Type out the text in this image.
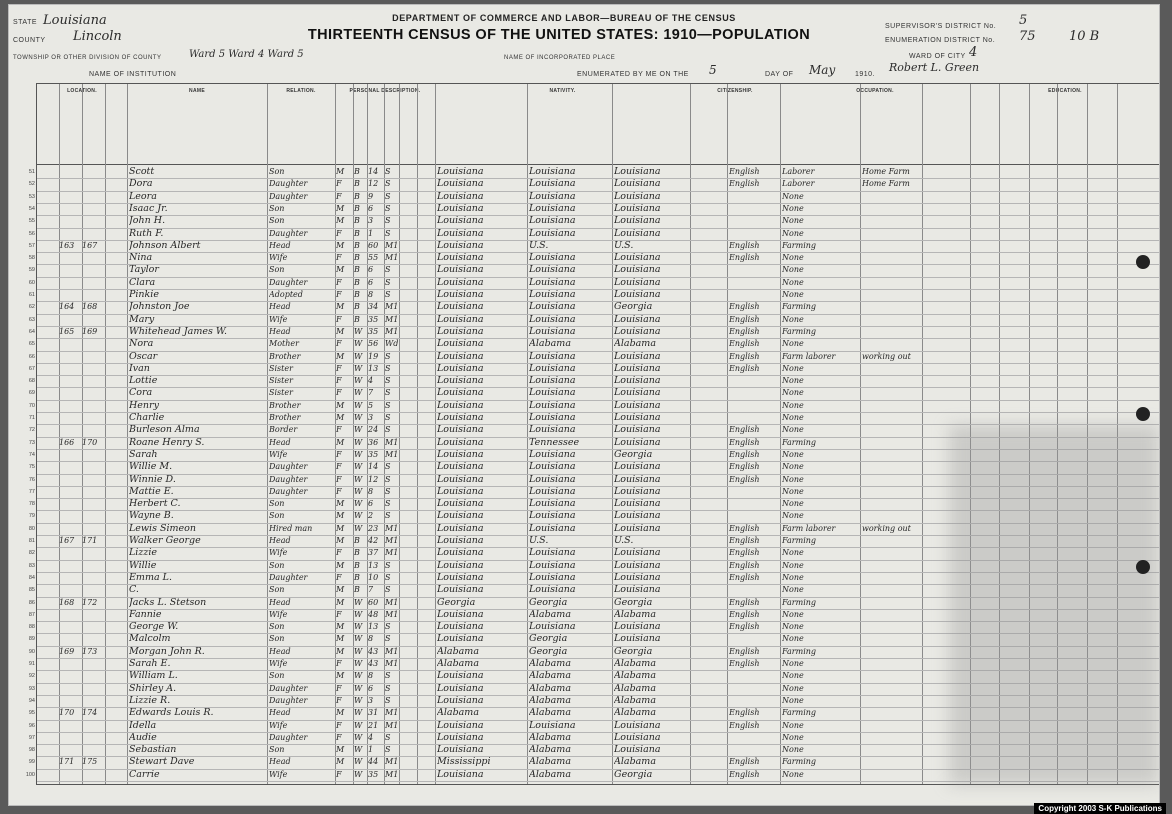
STATE Louisiana
COUNTY Lincoln
TOWNSHIP OR OTHER DIVISION OF COUNTY	Ward 5 Ward 4 Ward 5
NAME OF INSTITUTION
DEPARTMENT OF COMMERCE AND LABOR—BUREAU OF THE CENSUS
THIRTEENTH CENSUS OF THE UNITED STATES: 1910—POPULATION
NAME OF INCORPORATED PLACE
ENUMERATED BY ME ON THE 5	DAY OF May	1910.
Robert L. Green
SUPERVISOR'S DISTRICT No. 5
ENUMERATION DISTRICT No. 75	10 B
WARD OF CITY 4
LOCATION.	NAME	RELATION.	PERSONAL DESCRIPTION.	NATIVITY.	CITIZENSHIP.	OCCUPATION.	EDUCATION.
51	Scott	Son	M	B	14 S	Louisiana	Louisiana	Louisiana	English	Laborer	Home Farm
52	Dora	Daughter	F	B	12 S	Louisiana	Louisiana	Louisiana	English	Laborer	Home Farm
53	Leora	Daughter	F	B	9	S	Louisiana	Louisiana	Louisiana	None
54	Isaac Jr.	Son	M	B	6	S	Louisiana	Louisiana	Louisiana	None
55	John H.	Son	M	B	3	S	Louisiana	Louisiana	Louisiana	None
56	Ruth F.	Daughter	F	B	1	S	Louisiana	Louisiana	Louisiana	None
57	163 167	Johnson Albert	Head	M	B	60 M1	Louisiana	U.S.	U.S.	English	Farming
58	Nina	Wife	F	B	55 M1	Louisiana	Louisiana	Louisiana	English	None
59	Taylor	Son	M	B	6	S	Louisiana	Louisiana	Louisiana	None
60	Clara	Daughter	F	B	6	S	Louisiana	Louisiana	Louisiana	None
61	Pinkie	Adopted	F	B	8	S	Louisiana	Louisiana	Louisiana	None
62	164 168	Johnston Joe	Head	M	B	34 M1	Louisiana	Louisiana	Georgia	English	Farming
63	Mary	Wife	F	B	35 M1	Louisiana	Louisiana	Louisiana	English	None
64	165 169	Whitehead James W.	Head	M	W 35 M1	Louisiana	Louisiana	Louisiana	English	Farming
65	Nora	Mother	F	W 56 Wd	Louisiana	Alabama	Alabama	English	None
66	Oscar	Brother	M	W 19 S	Louisiana	Louisiana	Louisiana	English	Farm laborer	working out
67	Ivan	Sister	F	W 13 S	Louisiana	Louisiana	Louisiana	English	None
68	Lottie	Sister	F	W 4	S	Louisiana	Louisiana	Louisiana	None
69	Cora	Sister	F	W 7	S	Louisiana	Louisiana	Louisiana	None
70	Henry	Brother	M	W 5	S	Louisiana	Louisiana	Louisiana	None
71	Charlie	Brother	M	W 3	S	Louisiana	Louisiana	Louisiana	None
72	Burleson Alma	Border	F	W 24 S	Louisiana	Louisiana	Louisiana	English	None
73	166 170	Roane Henry S.	Head	M	W 36 M1	Louisiana	Tennessee	Louisiana	English	Farming
74	Sarah	Wife	F	W 35 M1	Louisiana	Louisiana	Georgia	English	None
75	Willie M.	Daughter	F	W 14 S	Louisiana	Louisiana	Louisiana	English	None
76	Winnie D.	Daughter	F	W 12 S	Louisiana	Louisiana	Louisiana	English	None
77	Mattie E.	Daughter	F	W 8	S	Louisiana	Louisiana	Louisiana	None
78	Herbert C.	Son	M	W 6	S	Louisiana	Louisiana	Louisiana	None
79	Wayne B.	Son	M	W 2	S	Louisiana	Louisiana	Louisiana	None
80	Lewis Simeon	Hired man	M	W 23 M1	Louisiana	Louisiana	Louisiana	English	Farm laborer	working out
81	167 171	Walker George	Head	M	B	42 M1	Louisiana	U.S.	U.S.	English	Farming
82	Lizzie	Wife	F	B	37 M1	Louisiana	Louisiana	Louisiana	English	None
83	Willie	Son	M	B	13 S	Louisiana	Louisiana	Louisiana	English	None
84	Emma L.	Daughter	F	B	10 S	Louisiana	Louisiana	Louisiana	English	None
85	C.	Son	M	B	7	S	Louisiana	Louisiana	Louisiana	None
86	168 172	Jacks L. Stetson	Head	M	W 60 M1	Georgia	Georgia	Georgia	English	Farming
87	Fannie	Wife	F	W 48 M1	Louisiana	Alabama	Alabama	English	None
88	George W.	Son	M	W 13 S	Louisiana	Louisiana	Louisiana	English	None
89	Malcolm	Son	M	W 8	S	Louisiana	Georgia	Louisiana	None
90	169 173	Morgan John R.	Head	M	W 43 M1	Alabama	Georgia	Georgia	English	Farming
91	Sarah E.	Wife	F	W 43 M1	Alabama	Alabama	Alabama	English	None
92	William L.	Son	M	W 8	S	Louisiana	Alabama	Alabama	None
93	Shirley A.	Daughter	F	W 6	S	Louisiana	Alabama	Alabama	None
94	Lizzie R.	Daughter	F	W 3	S	Louisiana	Alabama	Alabama	None
95	170 174	Edwards Louis R.	Head	M	W 31 M1	Alabama	Alabama	Alabama	English	Farming
96	Idella	Wife	F	W 21 M1	Louisiana	Louisiana	Louisiana	English	None
97	Audie	Daughter	F	W 4	S	Louisiana	Alabama	Louisiana	None
98	Sebastian	Son	M	W 1	S	Louisiana	Alabama	Louisiana	None
99	171 175	Stewart Dave	Head	M	W 44 M1	Mississippi	Alabama	Alabama	English	Farming
100	Carrie	Wife	F	W 35 M1	Louisiana	Alabama	Georgia	English	None
Copyright 2003 S-K Publications
